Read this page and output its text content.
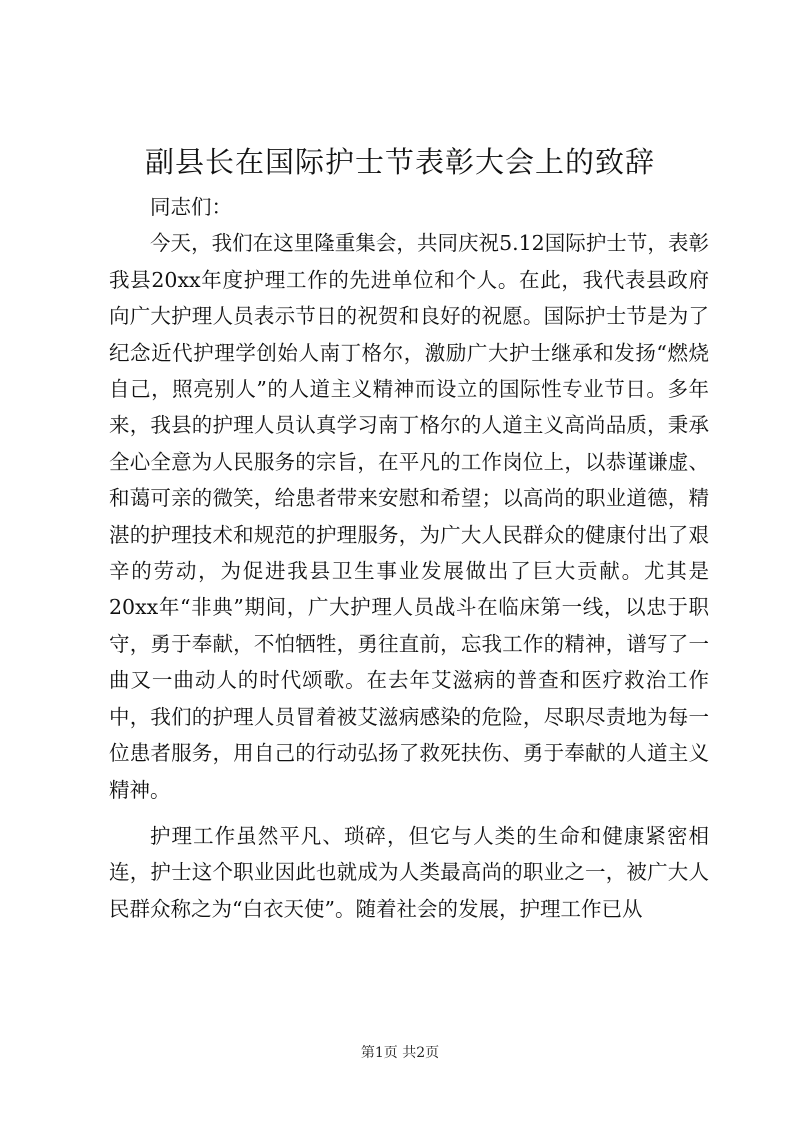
副县长在国际护士节表彰大会上的致辞

同志们：

今天，我们在这里隆重集会，共同庆祝5.12国际护士节，表彰我县20xx年度护理工作的先进单位和个人。在此，我代表县政府向广大护理人员表示节日的祝贺和良好的祝愿。国际护士节是为了纪念近代护理学创始人南丁格尔，激励广大护士继承和发扬“燃烧自己，照亮别人”的人道主义精神而设立的国际性专业节日。多年来，我县的护理人员认真学习南丁格尔的人道主义高尚品质，秉承全心全意为人民服务的宗旨，在平凡的工作岗位上，以恭谨谦虚、和蔼可亲的微笑，给患者带来安慰和希望；以高尚的职业道德，精湛的护理技术和规范的护理服务，为广大人民群众的健康付出了艰辛的劳动，为促进我县卫生事业发展做出了巨大贡献。尤其是20xx年“非典”期间，广大护理人员战斗在临床第一线，以忠于职守，勇于奉献，不怕牺牲，勇往直前，忘我工作的精神，谱写了一曲又一曲动人的时代颂歌。在去年艾滋病的普查和医疗救治工作中，我们的护理人员冒着被艾滋病感染的危险，尽职尽责地为每一位患者服务，用自己的行动弘扬了救死扶伤、勇于奉献的人道主义精神。

护理工作虽然平凡、琐碎，但它与人类的生命和健康紧密相连，护士这个职业因此也就成为人类最高尚的职业之一，被广大人民群众称之为“白衣天使”。随着社会的发展，护理工作已从

第1页 共2页
